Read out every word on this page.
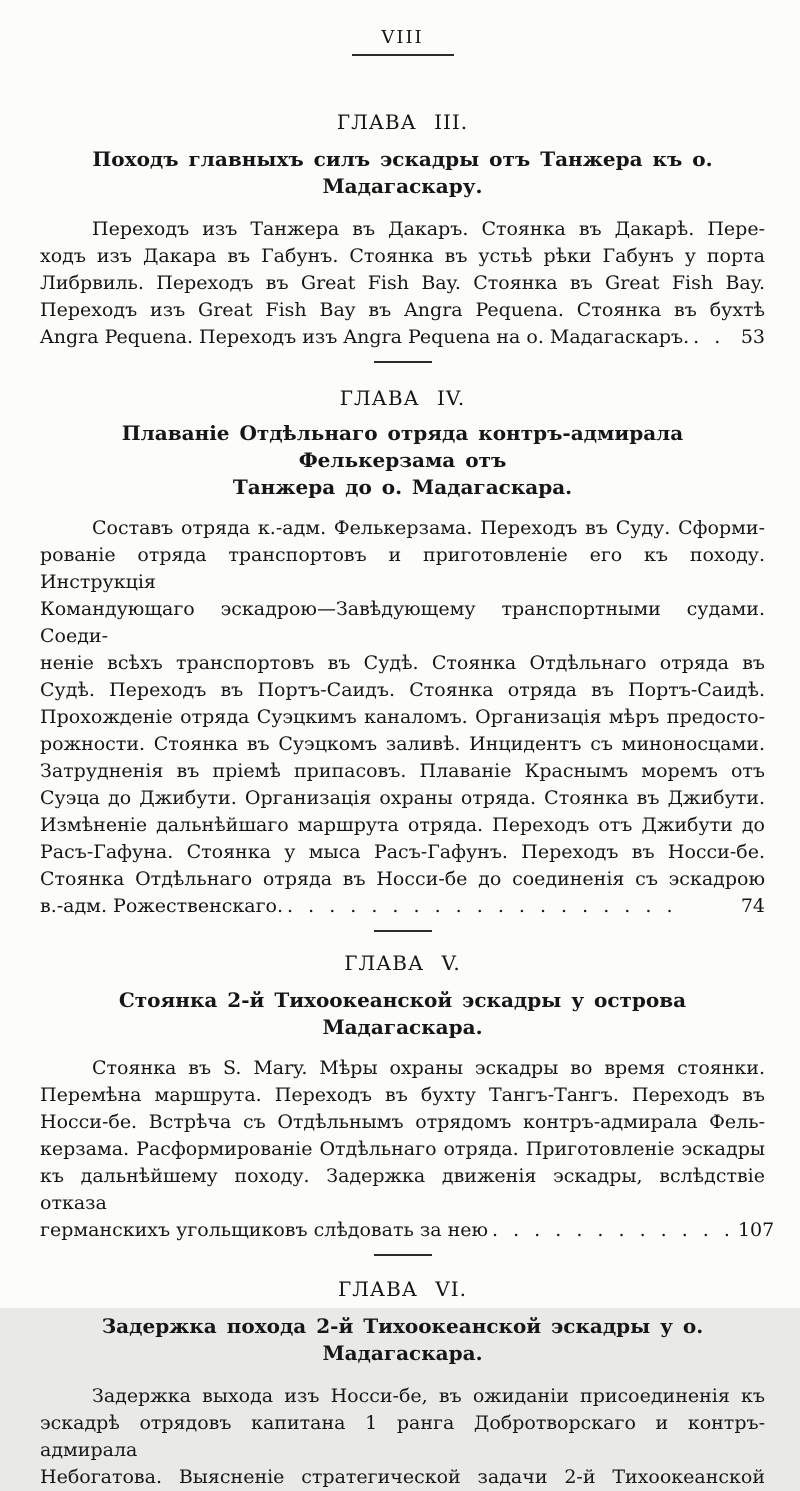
VIII
ГЛАВА III.
Походъ главныхъ силъ эскадры отъ Танжера къ о. Мадагаскару.
Переходъ изъ Танжера въ Дакаръ. Стоянка въ Дакарѣ. Пере-
ходъ изъ Дакара въ Габунъ. Стоянка въ устьѣ рѣки Габунъ у порта
Либрвиль. Переходъ въ Great Fish Bay. Стоянка въ Great Fish Bay.
Переходъ изъ Great Fish Bay въ Angra Pequena. Стоянка въ бухтѣ
Angra Pequena. Переходъ изъ Angra Pequena на о. Мадагаскаръ. . .	53
ГЛАВА IV.
Плаваніе Отдѣльнаго отряда контръ-адмирала Фелькерзама отъ
Танжера до о. Мадагаскара.
Составъ отряда к.-адм. Фелькерзама. Переходъ въ Суду. Сформи-
рованіе отряда транспортовъ и приготовленіе его къ походу. Инструкція
Командующаго эскадрою—Завѣдующему транспортными судами. Соеди-
неніе всѣхъ транспортовъ въ Судѣ. Стоянка Отдѣльнаго отряда въ
Судѣ. Переходъ въ Портъ-Саидъ. Стоянка отряда въ Портъ-Саидѣ.
Прохожденіе отряда Суэцкимъ каналомъ. Организація мѣръ предосто-
рожности. Стоянка въ Суэцкомъ заливѣ. Инцидентъ съ миноносцами.
Затрудненія въ пріемѣ припасовъ. Плаваніе Краснымъ моремъ отъ
Суэца до Джибути. Организація охраны отряда. Стоянка въ Джибути.
Измѣненіе дальнѣйшаго маршрута отряда. Переходъ отъ Джибути до
Расъ-Гафуна. Стоянка у мыса Расъ-Гафунъ. Переходъ въ Носси-бе.
Стоянка Отдѣльнаго отряда въ Носси-бе до соединенія съ эскадрою
в.-адм. Рожественскаго. . . . . . . . . . . . . . . . . . . .	74
ГЛАВА V.
Стоянка 2-й Тихоокеанской эскадры у острова Мадагаскара.
Стоянка въ S. Mary. Мѣры охраны эскадры во время стоянки.
Перемѣна маршрута. Переходъ въ бухту Тангъ-Тангъ. Переходъ въ
Носси-бе. Встрѣча съ Отдѣльнымъ отрядомъ контръ-адмирала Фель-
керзама. Расформированіе Отдѣльнаго отряда. Приготовленіе эскадры
къ дальнѣйшему походу. Задержка движенія эскадры, вслѣдствіе отказа
германскихъ угольщиковъ слѣдовать за нею . . . . . . . . . . . . 107
ГЛАВА VI.
Задержка похода 2-й Тихоокеанской эскадры у о. Мадагаскара.
Задержка выхода изъ Носси-бе, въ ожиданіи присоединенія къ
эскадрѣ отрядовъ капитана 1 ранга Добротворскаго и контръ-адмирала
Небогатова. Выясненіе стратегической задачи 2-й Тихоокеанской
